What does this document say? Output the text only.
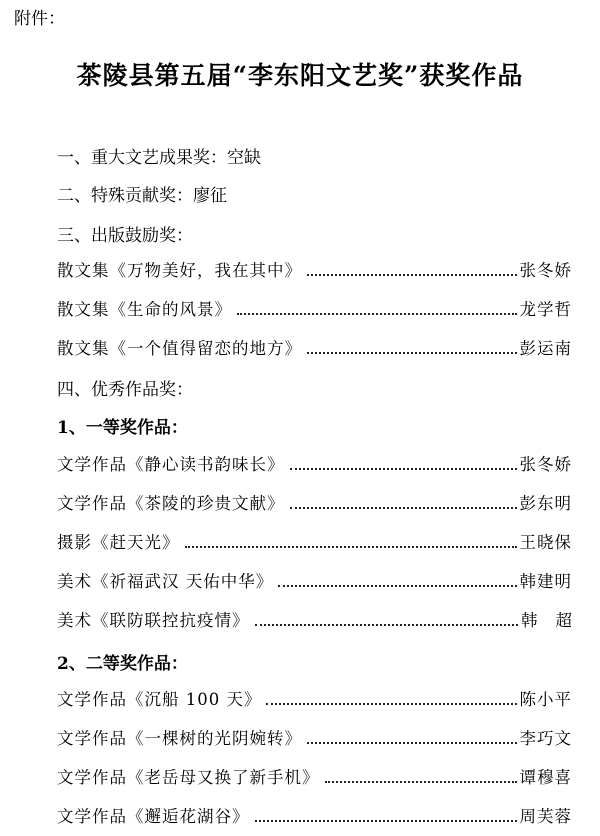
附件：
茶陵县第五届“李东阳文艺奖”获奖作品
一、重大文艺成果奖：空缺
二、特殊贡献奖：廖征
三、出版鼓励奖：
散文集《万物美好，我在其中》	张冬娇
散文集《生命的风景》	龙学哲
散文集《一个值得留恋的地方》	彭运南
四、优秀作品奖：
1、一等奖作品：
文学作品《静心读书韵味长》	张冬娇
文学作品《茶陵的珍贵文献》	彭东明
摄影《赶天光》	王晓保
美术《祈福武汉 天佑中华》	韩建明
美术《联防联控抗疫情》	韩超
2、二等奖作品：
文学作品《沉船 100 天》	陈小平
文学作品《一棵树的光阴婉转》	李巧文
文学作品《老岳母又换了新手机》	谭穆喜
文学作品《邂逅花湖谷》	周芙蓉
